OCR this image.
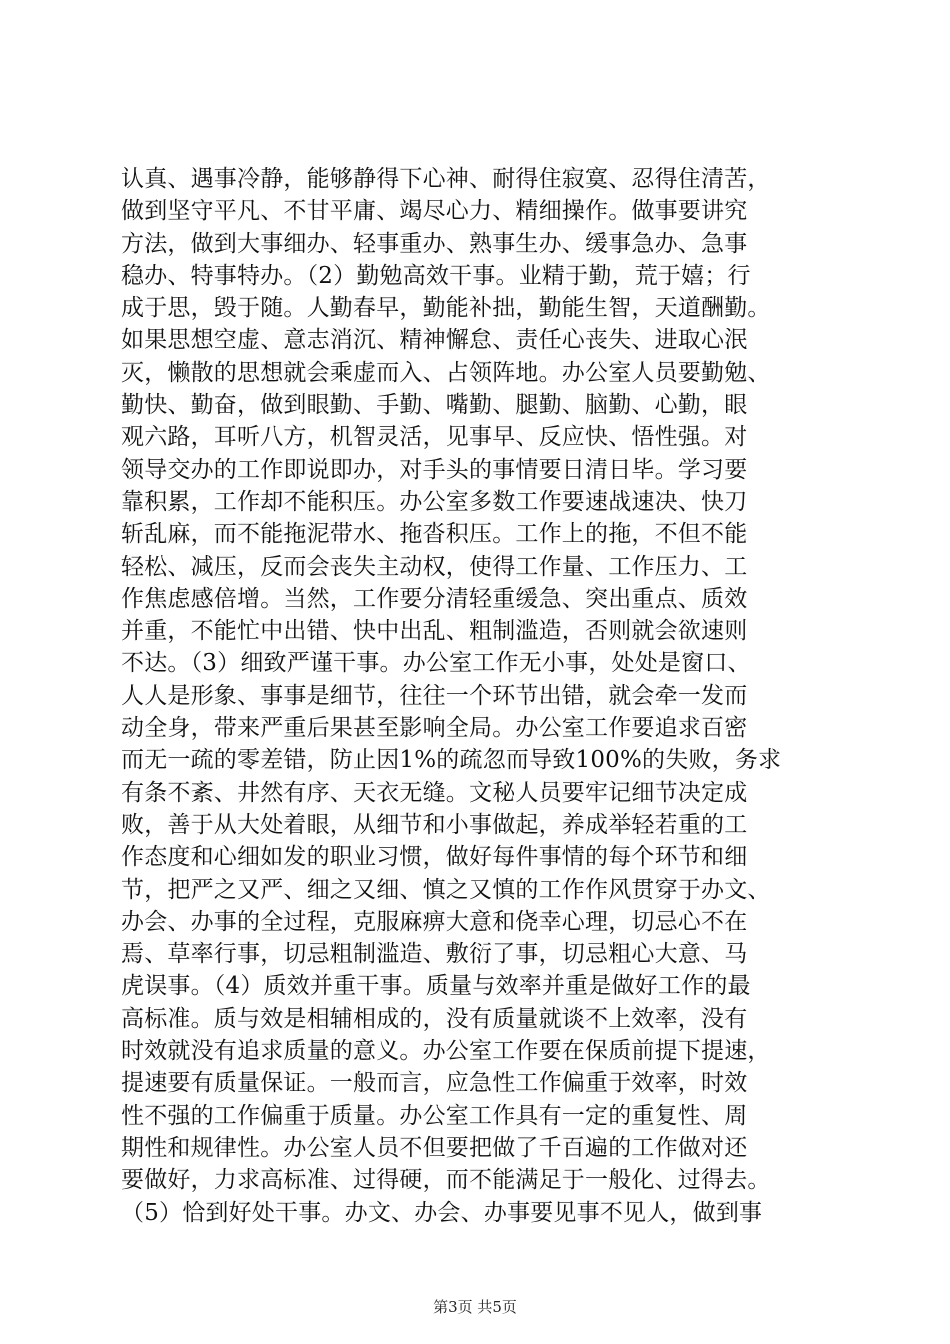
认真、遇事冷静，能够静得下心神、耐得住寂寞、忍得住清苦，
做到坚守平凡、不甘平庸、竭尽心力、精细操作。做事要讲究
方法，做到大事细办、轻事重办、熟事生办、缓事急办、急事
稳办、特事特办。（2）勤勉高效干事。业精于勤，荒于嬉；行
成于思，毁于随。人勤春早，勤能补拙，勤能生智，天道酬勤。
如果思想空虚、意志消沉、精神懈怠、责任心丧失、进取心泯
灭，懒散的思想就会乘虚而入、占领阵地。办公室人员要勤勉、
勤快、勤奋，做到眼勤、手勤、嘴勤、腿勤、脑勤、心勤，眼
观六路，耳听八方，机智灵活，见事早、反应快、悟性强。对
领导交办的工作即说即办，对手头的事情要日清日毕。学习要
靠积累，工作却不能积压。办公室多数工作要速战速决、快刀
斩乱麻，而不能拖泥带水、拖沓积压。工作上的拖，不但不能
轻松、减压，反而会丧失主动权，使得工作量、工作压力、工
作焦虑感倍增。当然，工作要分清轻重缓急、突出重点、质效
并重，不能忙中出错、快中出乱、粗制滥造，否则就会欲速则
不达。（3）细致严谨干事。办公室工作无小事，处处是窗口、
人人是形象、事事是细节，往往一个环节出错，就会牵一发而
动全身，带来严重后果甚至影响全局。办公室工作要追求百密
而无一疏的零差错，防止因1%的疏忽而导致100%的失败，务求
有条不紊、井然有序、天衣无缝。文秘人员要牢记细节决定成
败，善于从大处着眼，从细节和小事做起，养成举轻若重的工
作态度和心细如发的职业习惯，做好每件事情的每个环节和细
节，把严之又严、细之又细、慎之又慎的工作作风贯穿于办文、
办会、办事的全过程，克服麻痹大意和侥幸心理，切忌心不在
焉、草率行事，切忌粗制滥造、敷衍了事，切忌粗心大意、马
虎误事。（4）质效并重干事。质量与效率并重是做好工作的最
高标准。质与效是相辅相成的，没有质量就谈不上效率，没有
时效就没有追求质量的意义。办公室工作要在保质前提下提速，
提速要有质量保证。一般而言，应急性工作偏重于效率，时效
性不强的工作偏重于质量。办公室工作具有一定的重复性、周
期性和规律性。办公室人员不但要把做了千百遍的工作做对还
要做好，力求高标准、过得硬，而不能满足于一般化、过得去。
（5）恰到好处干事。办文、办会、办事要见事不见人，做到事
第3页 共5页
